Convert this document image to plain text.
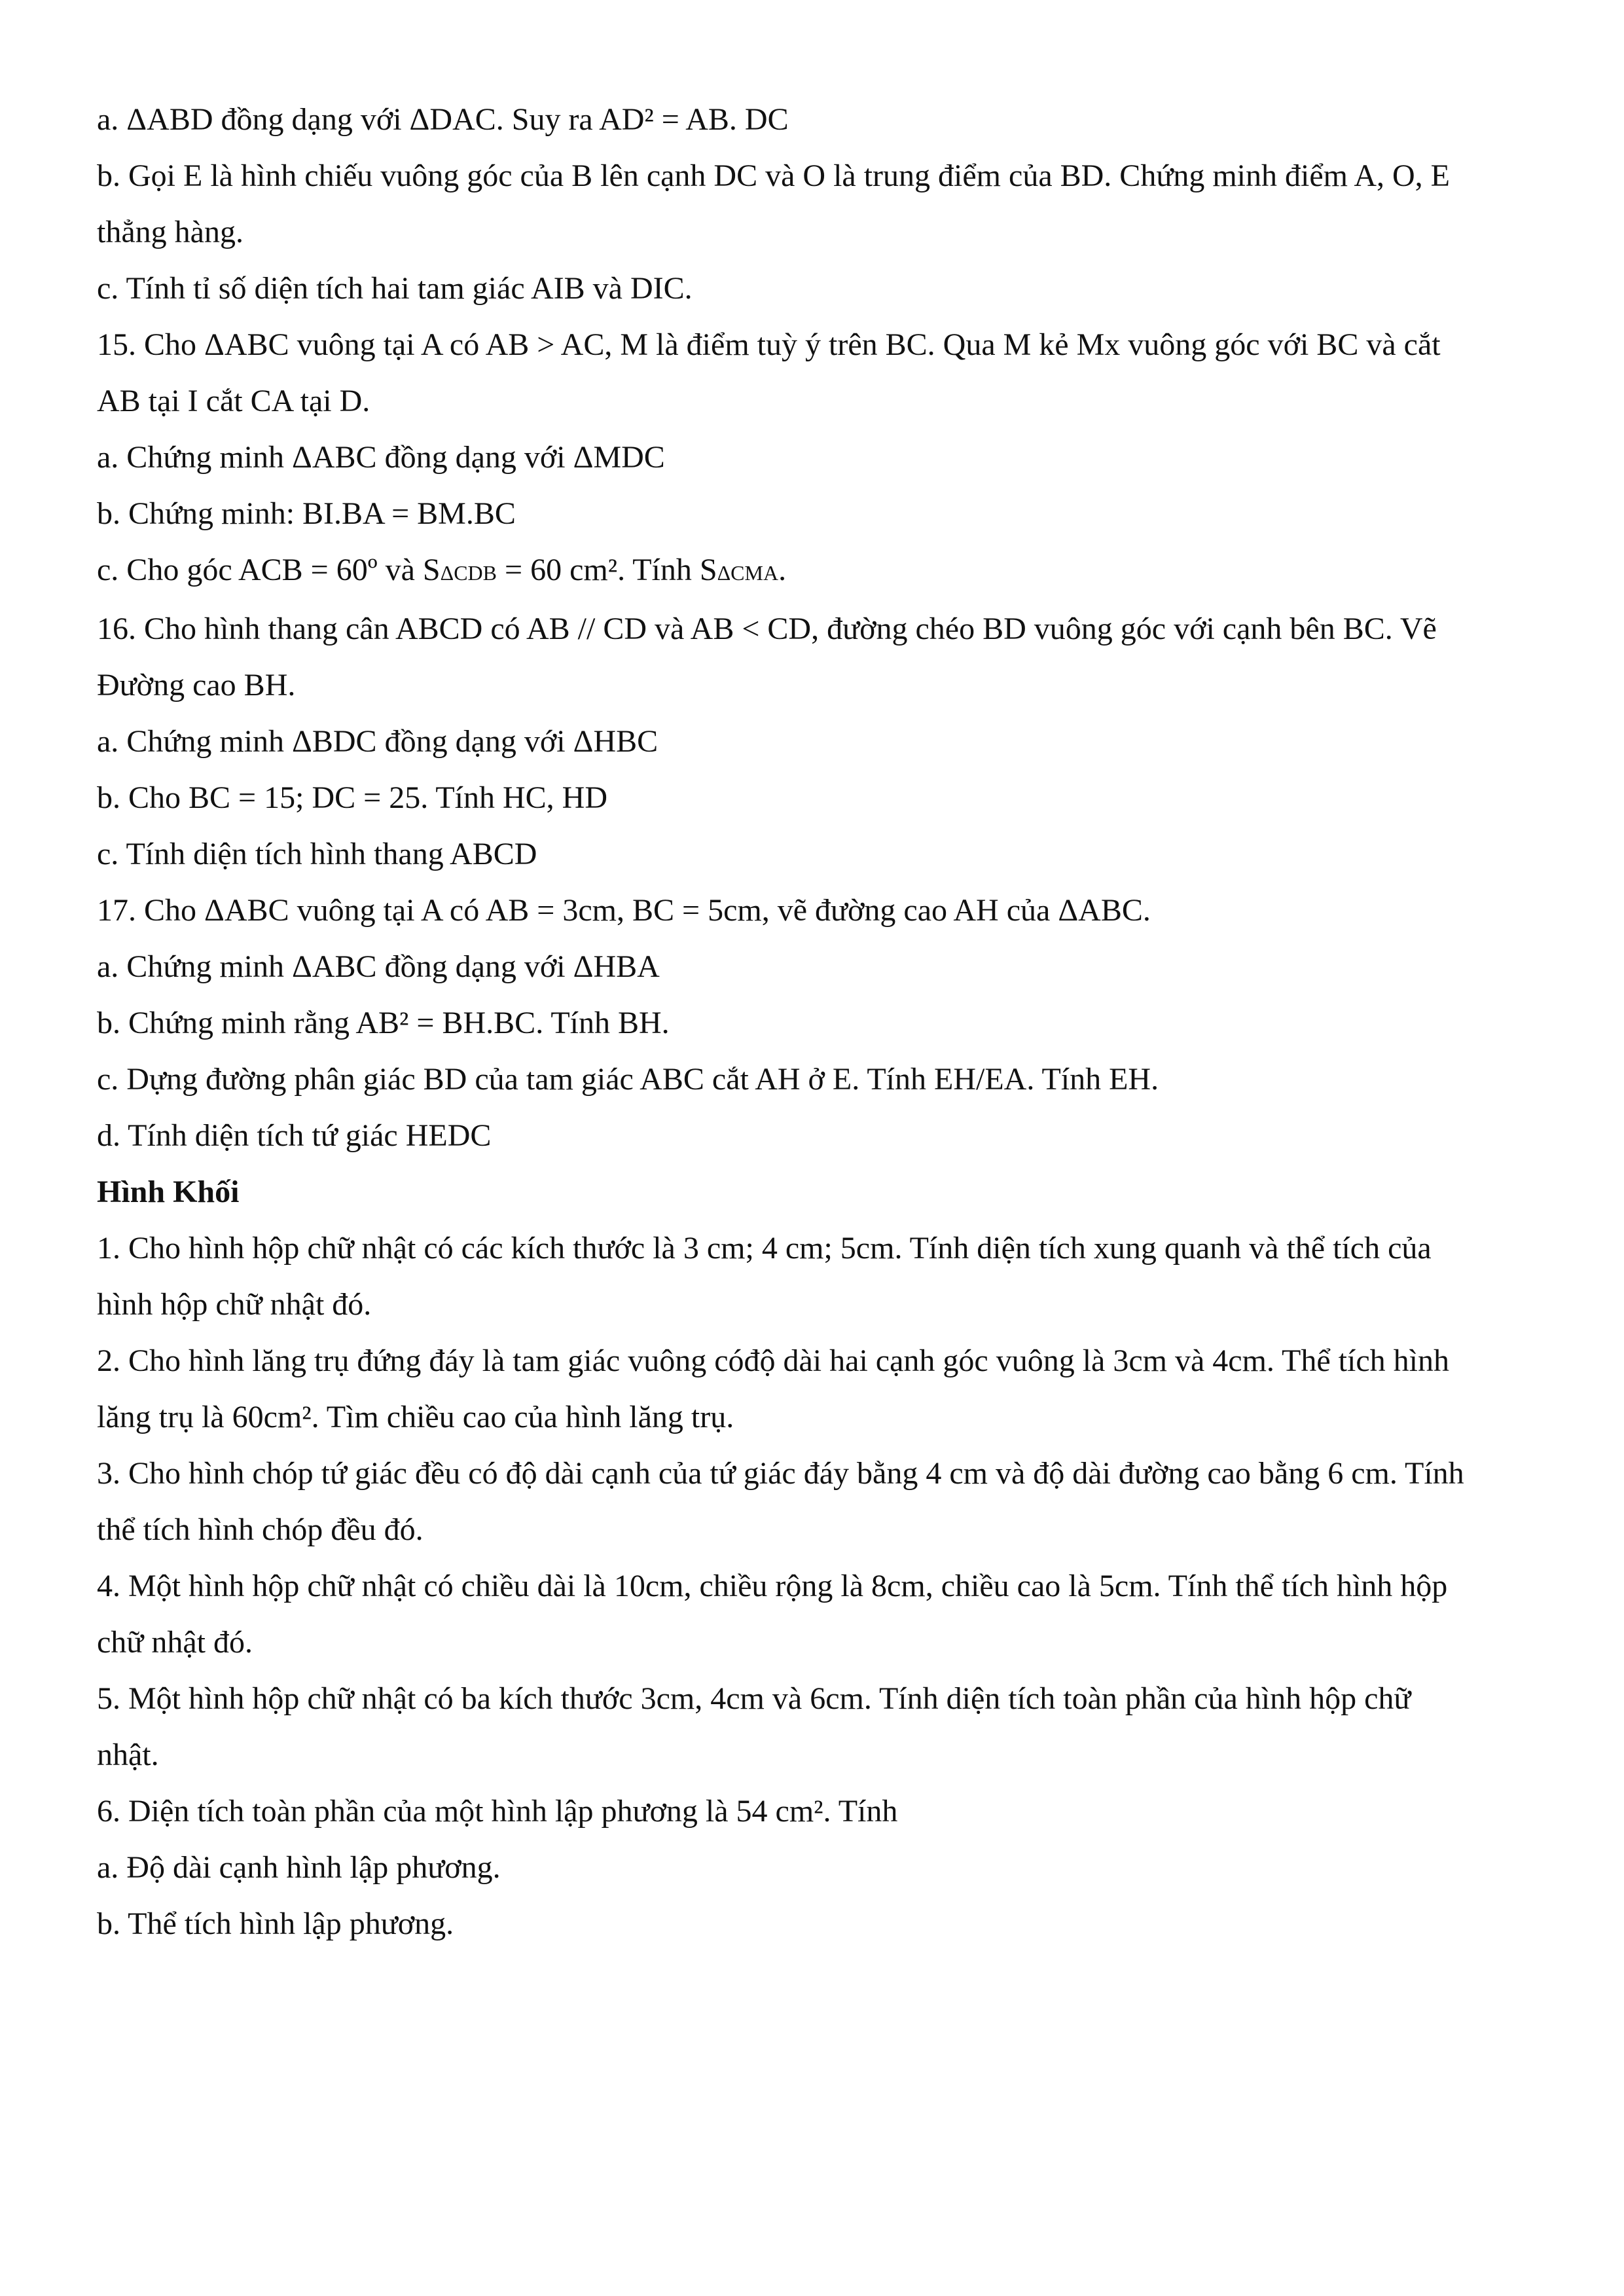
a. ΔABD đồng dạng với ΔDAC. Suy ra AD² = AB. DC
b. Gọi E là hình chiếu vuông góc của B lên cạnh DC và O là trung điểm của BD. Chứng minh điểm A, O, E
thẳng hàng.
c. Tính tỉ số diện tích hai tam giác AIB và DIC.
15. Cho ΔABC vuông tại A có AB > AC, M là điểm tuỳ ý trên BC. Qua M kẻ Mx vuông góc với BC và cắt
AB tại I cắt CA tại D.
a. Chứng minh ΔABC đồng dạng với ΔMDC
b. Chứng minh: BI.BA = BM.BC
c. Cho góc ACB = 60º và SΔCDB = 60 cm². Tính SΔCMA.
16. Cho hình thang cân ABCD có AB // CD và AB < CD, đường chéo BD vuông góc với cạnh bên BC. Vẽ
Đường cao BH.
a. Chứng minh ΔBDC đồng dạng với ΔHBC
b. Cho BC = 15; DC = 25. Tính HC, HD
c. Tính diện tích hình thang ABCD
17. Cho ΔABC vuông tại A có AB = 3cm, BC = 5cm, vẽ đường cao AH của ΔABC.
a. Chứng minh ΔABC đồng dạng với ΔHBA
b. Chứng minh rằng AB² = BH.BC. Tính BH.
c. Dựng đường phân giác BD của tam giác ABC cắt AH ở E. Tính EH/EA. Tính EH.
d. Tính diện tích tứ giác HEDC
Hình Khối
1. Cho hình hộp chữ nhật có các kích thước là 3 cm; 4 cm; 5cm. Tính diện tích xung quanh và thể tích của
hình hộp chữ nhật đó.
2. Cho hình lăng trụ đứng đáy là tam giác vuông cóđộ dài hai cạnh góc vuông là 3cm và 4cm. Thể tích hình
lăng trụ là 60cm². Tìm chiều cao của hình lăng trụ.
3. Cho hình chóp tứ giác đều có độ dài cạnh của tứ giác đáy bằng 4 cm và độ dài đường cao bằng 6 cm. Tính
thể tích hình chóp đều đó.
4. Một hình hộp chữ nhật có chiều dài là 10cm, chiều rộng là 8cm, chiều cao là 5cm. Tính thể tích hình hộp
chữ nhật đó.
5. Một hình hộp chữ nhật có ba kích thước 3cm, 4cm và 6cm. Tính diện tích toàn phần của hình hộp chữ
nhật.
6. Diện tích toàn phần của một hình lập phương là 54 cm². Tính
a. Độ dài cạnh hình lập phương.
b. Thể tích hình lập phương.
